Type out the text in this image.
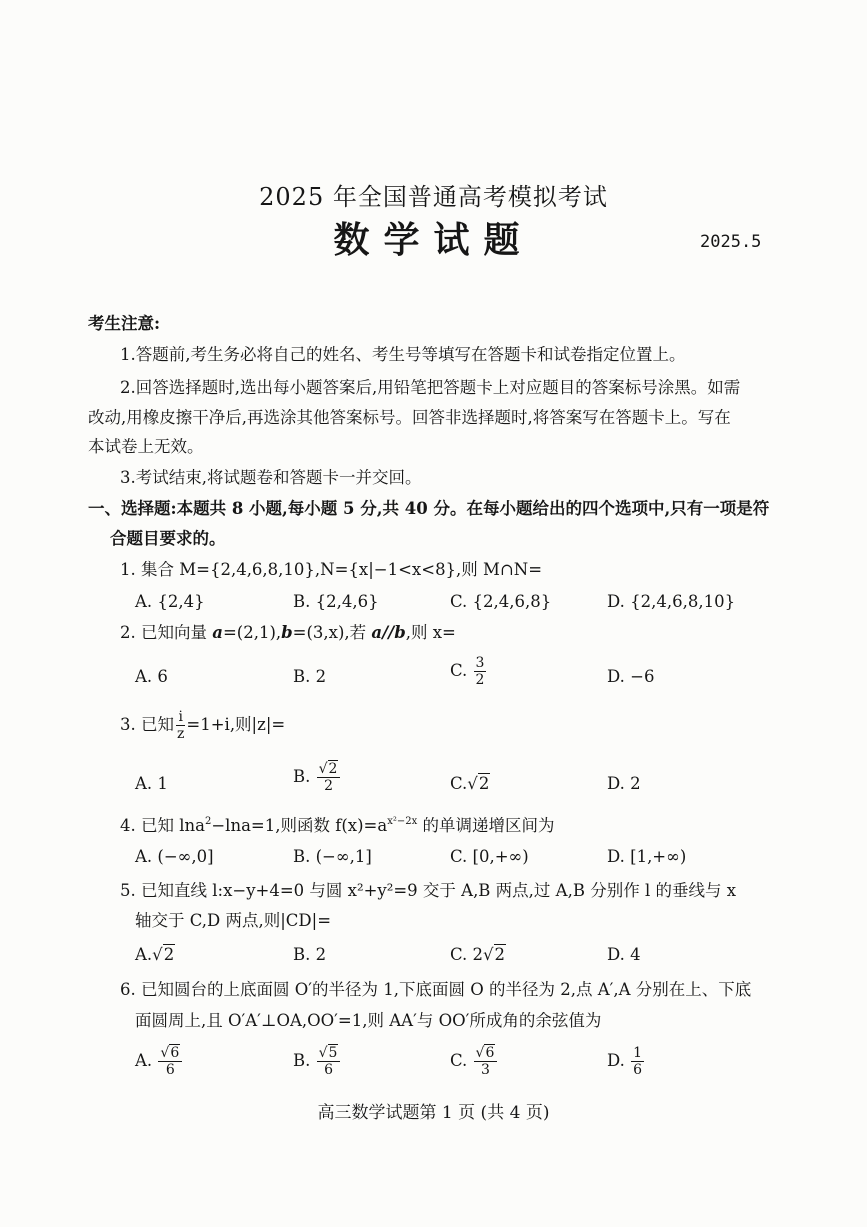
2025 年全国普通高考模拟考试
数学试题	2025.5
考生注意:
1.答题前,考生务必将自己的姓名、考生号等填写在答题卡和试卷指定位置上。
2.回答选择题时,选出每小题答案后,用铅笔把答题卡上对应题目的答案标号涂黑。如需
改动,用橡皮擦干净后,再选涂其他答案标号。回答非选择题时,将答案写在答题卡上。写在
本试卷上无效。
3.考试结束,将试题卷和答题卡一并交回。
一、选择题:本题共 8 小题,每小题 5 分,共 40 分。在每小题给出的四个选项中,只有一项是符
合题目要求的。
1. 集合 M={2,4,6,8,10},N={x|−1<x<8},则 M∩N=
A. {2,4}	B. {2,4,6}	C. {2,4,6,8}	D. {2,4,6,8,10}
2. 已知向量 a=(2,1),b=(3,x),若 a//b,则 x=
A. 6	B. 2	C. $\frac{3}{2}$	D. −6
3. 已知 $\frac{i}{z} =1+i$,则|z|=
A. 1	B. $\frac{√2}{2}$	C.√2	D. 2
4. 已知 lna$^2$−lna=1,则函数 $f(x)=a^{x^2-2x}$ 的单调递增区间为
A. (−∞,0]	B. (−∞,1]	C. [0,+∞)	D. [1,+∞)
5. 已知直线 l:x−y+4=0 与圆 x²+y²=9 交于 A,B 两点,过 A,B 分别作 l 的垂线与 x
轴交于 C,D 两点,则|CD|=
A.√2	B. 2	C. 2√2	D. 4
6. 已知圆台的上底面圆 O′的半径为 1,下底面圆 O 的半径为 2,点 A′,A 分别在上、下底
面圆周上,且 O′A′⊥OA,OO′=1,则 AA′与 OO′所成角的余弦值为
A. $\frac{√6}{6}$	B. $\frac{√5}{6}$	C. $\frac{√6}{3}$	D. $\frac{1}{6}$
高三数学试题第 1 页 (共 4 页)
